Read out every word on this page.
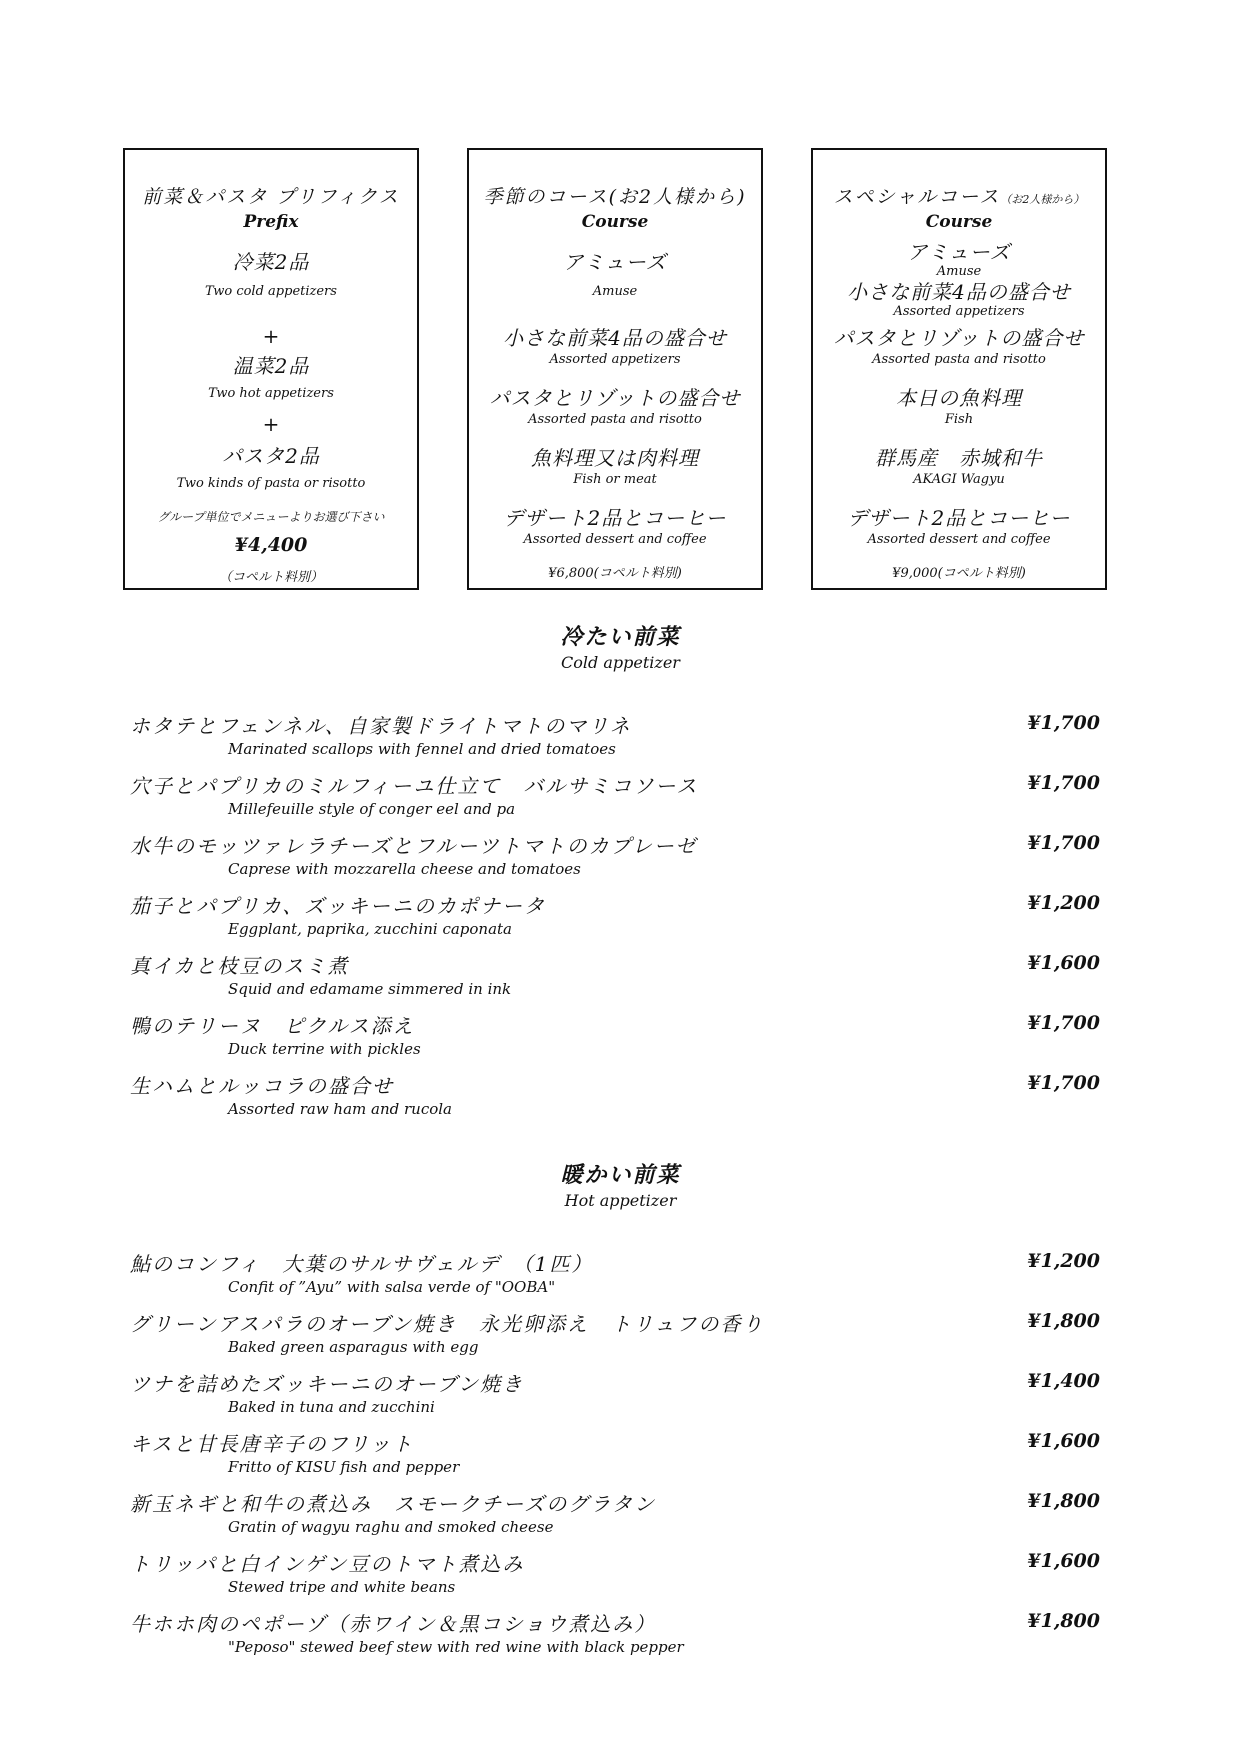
前菜＆パスタ プリフィクス
Prefix
冷菜2品
Two cold appetizers
+
温菜2品
Two hot appetizers
+
パスタ2品
Two kinds of pasta or risotto
グループ単位でメニューよりお選び下さい
¥4,400
（コペルト料別）
季節のコース(お2人様から)
Course
アミューズ
Amuse
小さな前菜4品の盛合せ
Assorted appetizers
パスタとリゾットの盛合せ
Assorted pasta and risotto
魚料理又は肉料理
Fish or meat
デザート2品とコーヒー
Assorted dessert and coffee
¥6,800(コペルト料別)
スペシャルコース（お2人様から）
Course
アミューズ
Amuse
小さな前菜4品の盛合せ
Assorted appetizers
パスタとリゾットの盛合せ
Assorted pasta and risotto
本日の魚料理
Fish
群馬産　赤城和牛
AKAGI Wagyu
デザート2品とコーヒー
Assorted dessert and coffee
¥9,000(コペルト料別)
冷たい前菜
Cold appetizer
ホタテとフェンネル、自家製ドライトマトのマリネ
Marinated scallops with fennel and dried tomatoes
¥1,700
穴子とパプリカのミルフィーユ仕立て　バルサミコソース
Millefeuille style of conger eel and pa
¥1,700
水牛のモッツァレラチーズとフルーツトマトのカプレーゼ
Caprese with mozzarella cheese and tomatoes
¥1,700
茄子とパプリカ、ズッキーニのカポナータ
Eggplant, paprika, zucchini caponata
¥1,200
真イカと枝豆のスミ煮
Squid and edamame simmered in ink
¥1,600
鴨のテリーヌ　ピクルス添え
Duck terrine with pickles
¥1,700
生ハムとルッコラの盛合せ
Assorted raw ham and rucola
¥1,700
暖かい前菜
Hot appetizer
鮎のコンフィ　大葉のサルサヴェルデ　（1匹）
Confit of ”Ayu” with salsa verde of "OOBA"
¥1,200
グリーンアスパラのオーブン焼き　永光卵添え　トリュフの香り
Baked green asparagus with egg
¥1,800
ツナを詰めたズッキーニのオーブン焼き
Baked in tuna and zucchini
¥1,400
キスと甘長唐辛子のフリット
Fritto of KISU fish and pepper
¥1,600
新玉ネギと和牛の煮込み　スモークチーズのグラタン
Gratin of wagyu raghu and smoked cheese
¥1,800
トリッパと白インゲン豆のトマト煮込み
Stewed tripe and white beans
¥1,600
牛ホホ肉のペポーゾ（赤ワイン＆黒コショウ煮込み）
"Peposo" stewed beef stew with red wine with black pepper
¥1,800
